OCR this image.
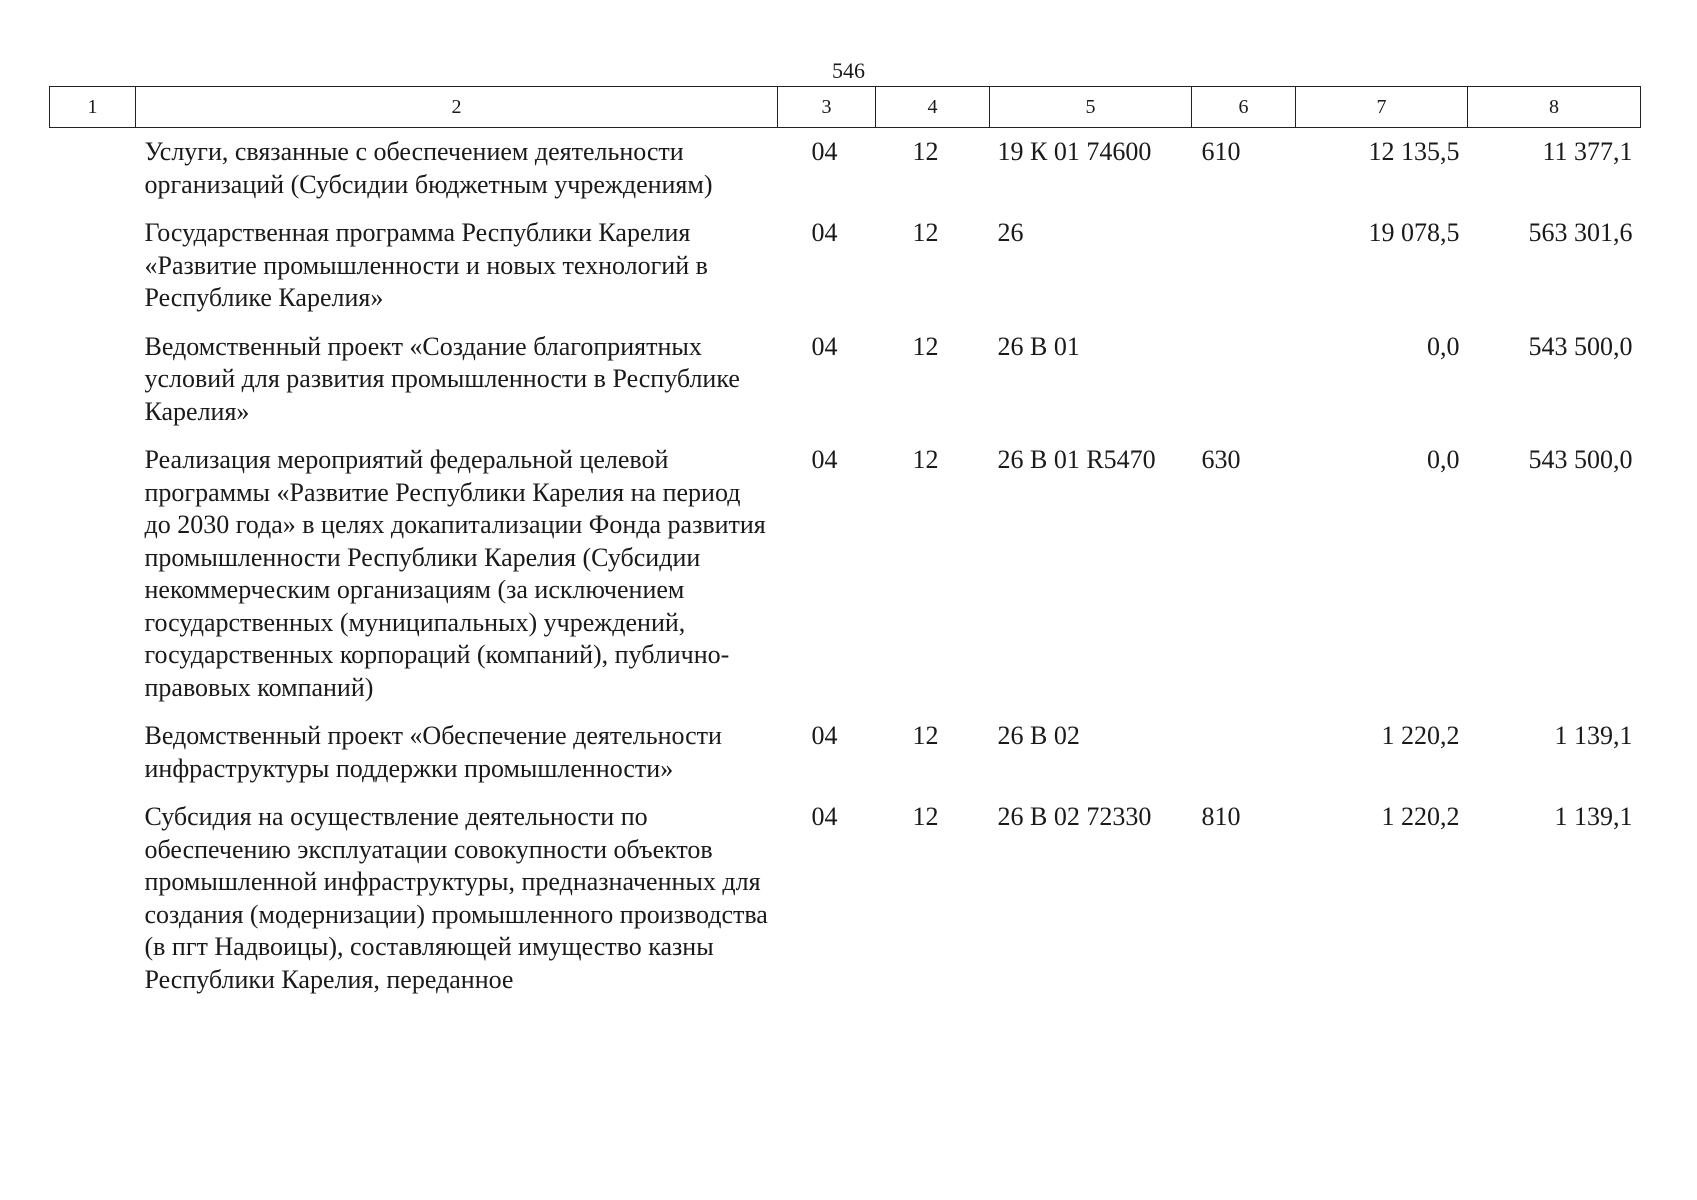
546
1	2	3	4	5	6	7	8
	Услуги, связанные с обеспечением деятельности организаций (Субсидии бюджетным учреждениям)	04	12	19 К 01 74600	610	12 135,5	11 377,1
	Государственная программа Республики Карелия «Развитие промышленности и новых технологий в Республике Карелия»	04	12	26		19 078,5	563 301,6
	Ведомственный проект «Создание благоприятных условий для развития промышленности в Республике Карелия»	04	12	26 В 01		0,0	543 500,0
	Реализация мероприятий федеральной целевой программы «Развитие Республики Карелия на период до 2030 года» в целях докапитализации Фонда развития промышленности Республики Карелия (Субсидии некоммерческим организациям (за исключением государственных (муниципальных) учреждений, государственных корпораций (компаний), публично-правовых компаний)	04	12	26 В 01 R5470	630	0,0	543 500,0
	Ведомственный проект «Обеспечение деятельности инфраструктуры поддержки промышленности»	04	12	26 В 02		1 220,2	1 139,1
	Субсидия на осуществление деятельности по обеспечению эксплуатации совокупности объектов промышленной инфраструктуры, предназначенных для создания (модернизации) промышленного производства (в пгт Надвоицы), составляющей имущество казны Республики Карелия, переданное	04	12	26 В 02 72330	810	1 220,2	1 139,1
